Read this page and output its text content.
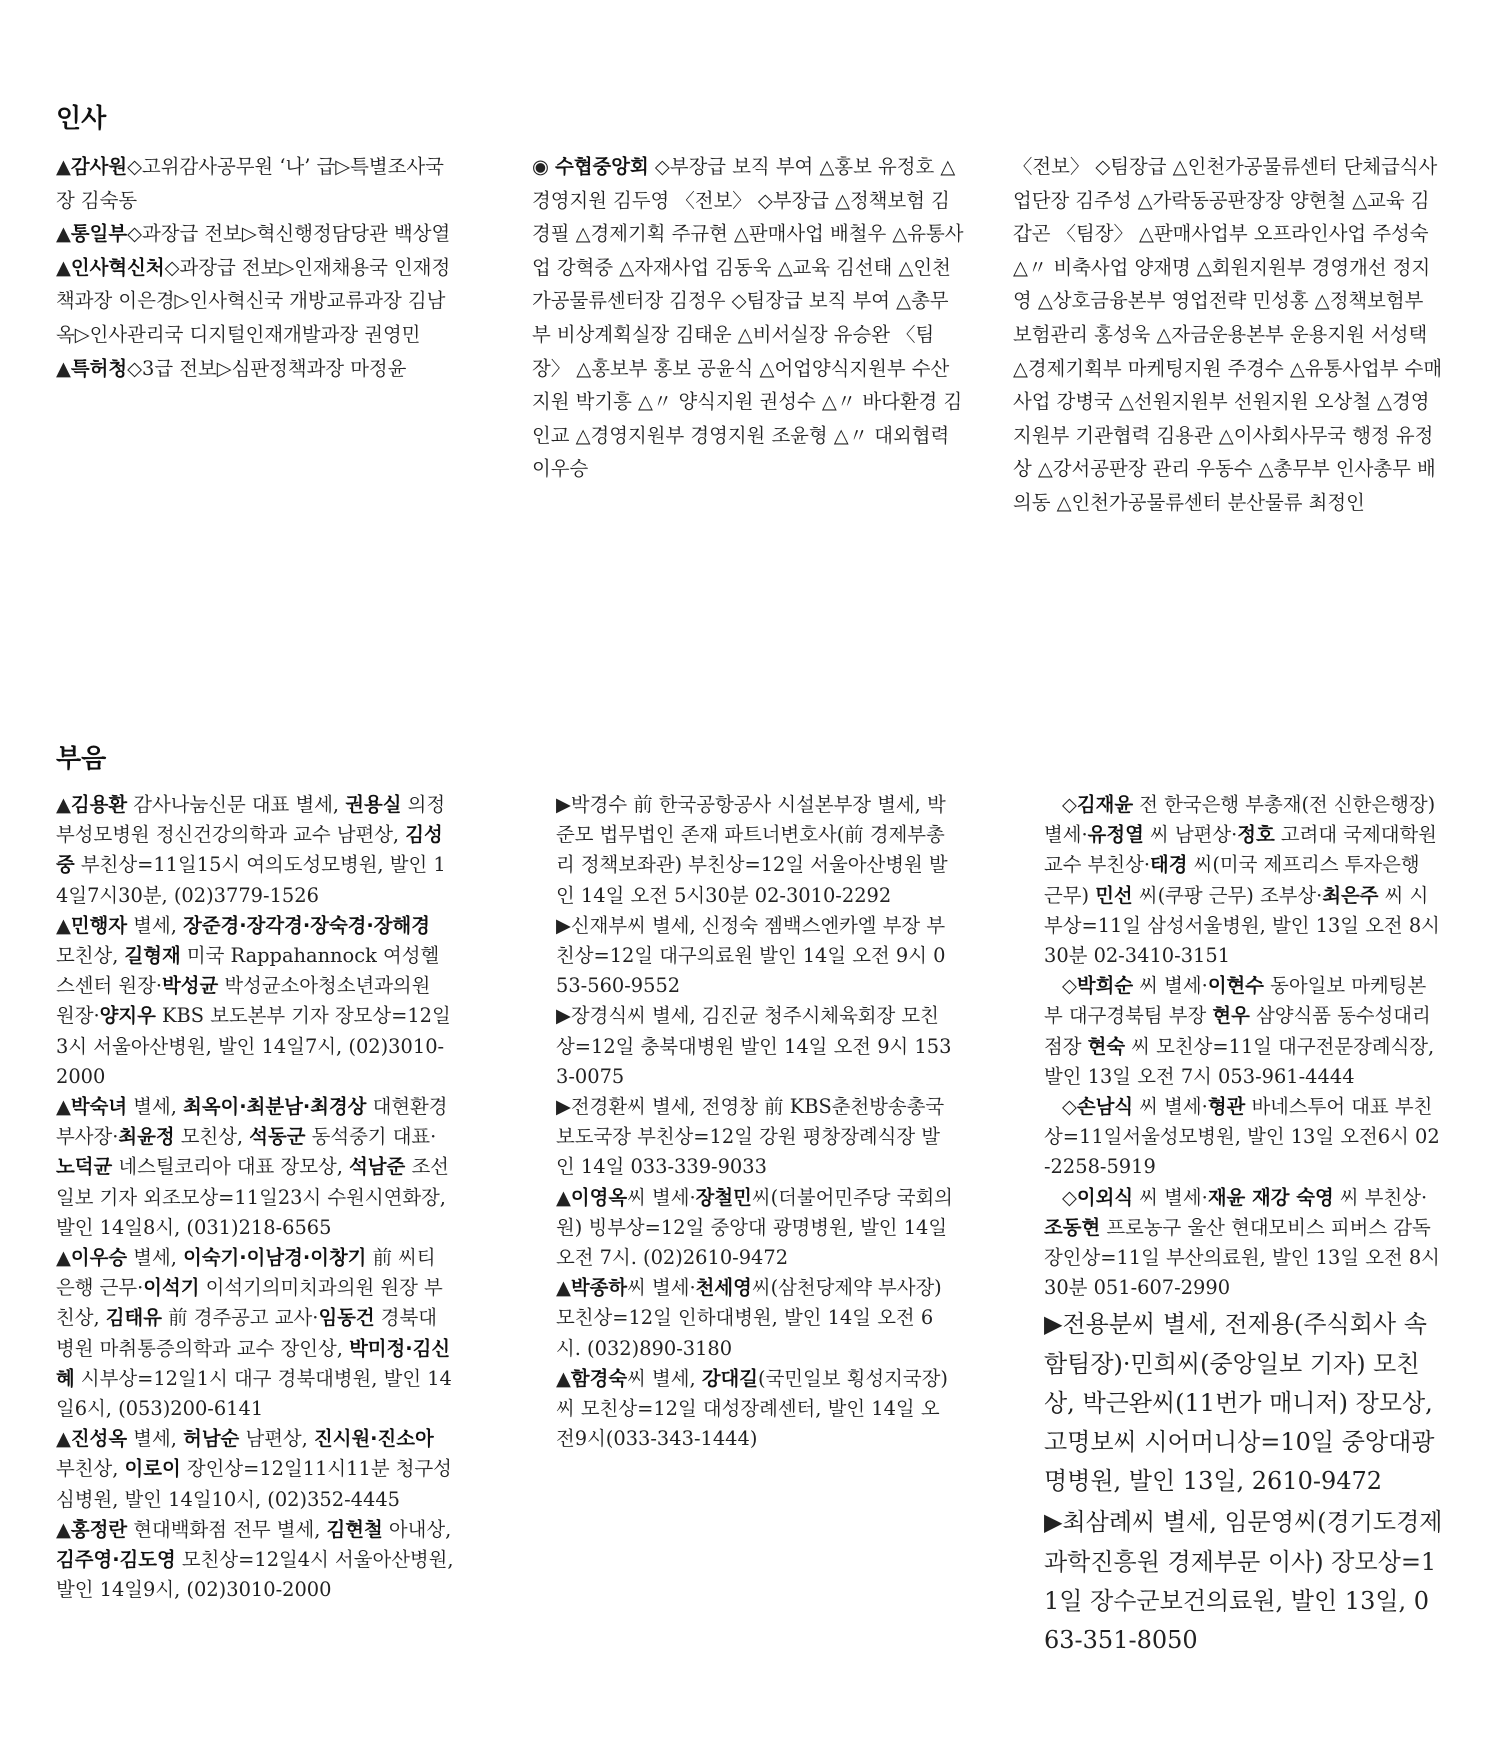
인사

▲감사원◇고위감사공무원 ‘나’ 급▷특별조사국장 김숙동

▲통일부◇과장급 전보▷혁신행정담당관 백상열

▲인사혁신처◇과장급 전보▷인재채용국 인재정책과장 이은경▷인사혁신국 개방교류과장 김남옥▷인사관리국 디지털인재개발과장 권영민

▲특허청◇3급 전보▷심판정책과장 마정윤

◉ 수협중앙회 ◇부장급 보직 부여 △홍보 유정호 △경영지원 김두영 〈전보〉 ◇부장급 △정책보험 김경필 △경제기획 주규현 △판매사업 배철우 △유통사업 강혁중 △자재사업 김동욱 △교육 김선태 △인천가공물류센터장 김정우 ◇팀장급 보직 부여 △총무부 비상계획실장 김태운 △비서실장 유승완 〈팀장〉 △홍보부 홍보 공윤식 △어업양식지원부 수산지원 박기흥 △〃 양식지원 권성수 △〃 바다환경 김인교 △경영지원부 경영지원 조윤형 △〃 대외협력 이우승

〈전보〉 ◇팀장급 △인천가공물류센터 단체급식사업단장 김주성 △가락동공판장장 양현철 △교육 김갑곤 〈팀장〉 △판매사업부 오프라인사업 주성숙 △〃 비축사업 양재명 △회원지원부 경영개선 정지영 △상호금융본부 영업전략 민성홍 △정책보험부 보험관리 홍성욱 △자금운용본부 운용지원 서성택 △경제기획부 마케팅지원 주경수 △유통사업부 수매사업 강병국 △선원지원부 선원지원 오상철 △경영지원부 기관협력 김용관 △이사회사무국 행정 유정상 △강서공판장 관리 우동수 △총무부 인사총무 배의동 △인천가공물류센터 분산물류 최정인

부음

▲김용환 감사나눔신문 대표 별세, 권용실 의정부성모병원 정신건강의학과 교수 남편상, 김성중 부친상=11일15시 여의도성모병원, 발인 14일7시30분, (02)3779-1526

▲민행자 별세, 장준경·장각경·장숙경·장해경 모친상, 길형재 미국 Rappahannock 여성헬스센터 원장·박성균 박성균소아청소년과의원 원장·양지우 KBS 보도본부 기자 장모상=12일3시 서울아산병원, 발인 14일7시, (02)3010-2000

▲박숙녀 별세, 최옥이·최분남·최경상 대현환경 부사장·최윤정 모친상, 석동군 동석중기 대표·노덕균 네스틸코리아 대표 장모상, 석남준 조선일보 기자 외조모상=11일23시 수원시연화장, 발인 14일8시, (031)218-6565

▲이우승 별세, 이숙기·이남경·이창기 前 씨티은행 근무·이석기 이석기의미치과의원 원장 부친상, 김태유 前 경주공고 교사·임동건 경북대병원 마취통증의학과 교수 장인상, 박미정·김신혜 시부상=12일1시 대구 경북대병원, 발인 14일6시, (053)200-6141

▲진성옥 별세, 허남순 남편상, 진시원·진소아 부친상, 이로이 장인상=12일11시11분 청구성심병원, 발인 14일10시, (02)352-4445

▲홍정란 현대백화점 전무 별세, 김현철 아내상, 김주영·김도영 모친상=12일4시 서울아산병원, 발인 14일9시, (02)3010-2000

▶박경수 前 한국공항공사 시설본부장 별세, 박준모 법무법인 존재 파트너변호사(前 경제부총리 정책보좌관) 부친상=12일 서울아산병원 발인 14일 오전 5시30분 02-3010-2292

▶신재부씨 별세, 신정숙 젬백스엔카엘 부장 부친상=12일 대구의료원 발인 14일 오전 9시 053-560-9552

▶장경식씨 별세, 김진균 청주시체육회장 모친상=12일 충북대병원 발인 14일 오전 9시 1533-0075

▶전경환씨 별세, 전영창 前 KBS춘천방송총국 보도국장 부친상=12일 강원 평창장례식장 발인 14일 033-339-9033

▲이영옥씨 별세·장철민씨(더불어민주당 국회의원) 빙부상=12일 중앙대 광명병원, 발인 14일 오전 7시. (02)2610-9472

▲박종하씨 별세·천세영씨(삼천당제약 부사장) 모친상=12일 인하대병원, 발인 14일 오전 6시. (032)890-3180

▲함경숙씨 별세, 강대길(국민일보 횡성지국장)씨 모친상=12일 대성장례센터, 발인 14일 오전9시(033-343-1444)

◇김재윤 전 한국은행 부총재(전 신한은행장) 별세·유정열 씨 남편상·정호 고려대 국제대학원 교수 부친상·태경 씨(미국 제프리스 투자은행 근무) 민선 씨(쿠팡 근무) 조부상·최은주 씨 시부상=11일 삼성서울병원, 발인 13일 오전 8시 30분 02-3410-3151

◇박희순 씨 별세·이현수 동아일보 마케팅본부 대구경북팀 부장 현우 삼양식품 동수성대리점장 현숙 씨 모친상=11일 대구전문장례식장, 발인 13일 오전 7시 053-961-4444

◇손남식 씨 별세·형관 바네스투어 대표 부친상=11일서울성모병원, 발인 13일 오전6시 02-2258-5919

◇이외식 씨 별세·재윤 재강 숙영 씨 부친상·조동현 프로농구 울산 현대모비스 피버스 감독 장인상=11일 부산의료원, 발인 13일 오전 8시 30분 051-607-2990

▶전용분씨 별세, 전제용(주식회사 속함팀장)·민희씨(중앙일보 기자) 모친상, 박근완씨(11번가 매니저) 장모상, 고명보씨 시어머니상=10일 중앙대광명병원, 발인 13일, 2610-9472

▶최삼례씨 별세, 임문영씨(경기도경제과학진흥원 경제부문 이사) 장모상=11일 장수군보건의료원, 발인 13일, 063-351-8050
